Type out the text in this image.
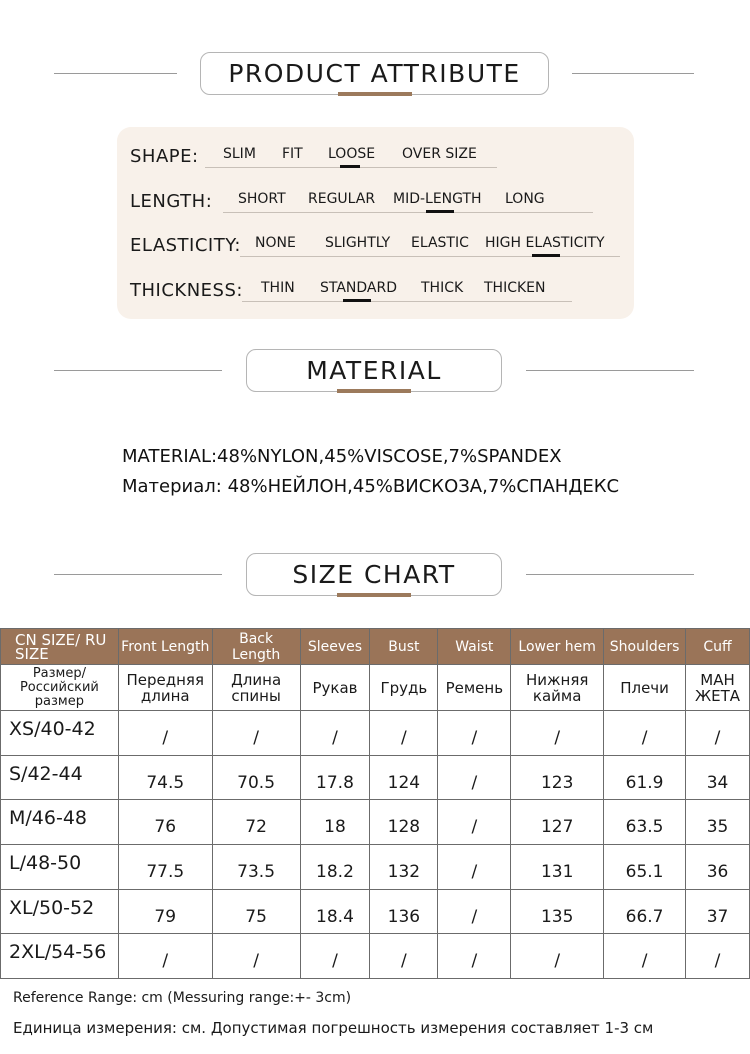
PRODUCT ATTRIBUTE
SHAPE: SLIM FIT LOOSE OVER SIZE
LENGTH: SHORT REGULAR MID-LENGTH LONG
ELASTICITY: NONE SLIGHTLY ELASTIC HIGH ELASTICITY
THICKNESS: THIN STANDARD THICK THICKEN
MATERIAL
MATERIAL:48%NYLON,45%VISCOSE,7%SPANDEX
Материал: 48%НЕЙЛОН,45%ВИСКОЗА,7%СПАНДЕКС
SIZE CHART
CN SIZE/ RU SIZE	Front Length	Back Length	Sleeves	Bust	Waist	Lower hem	Shoulders	Cuff
Размер/ Российский размер	Передняя длина	Длина спины	Рукав	Грудь	Ремень	Нижняя кайма	Плечи	МАН ЖЕТА
XS/40-42	/	/	/	/	/	/	/	/
S/42-44	74.5	70.5	17.8	124	/	123	61.9	34
M/46-48	76	72	18	128	/	127	63.5	35
L/48-50	77.5	73.5	18.2	132	/	131	65.1	36
XL/50-52	79	75	18.4	136	/	135	66.7	37
2XL/54-56	/	/	/	/	/	/	/	/
Reference Range: cm (Messuring range:+- 3cm)
Единица измерения: см. Допустимая погрешность измерения составляет 1-3 см
